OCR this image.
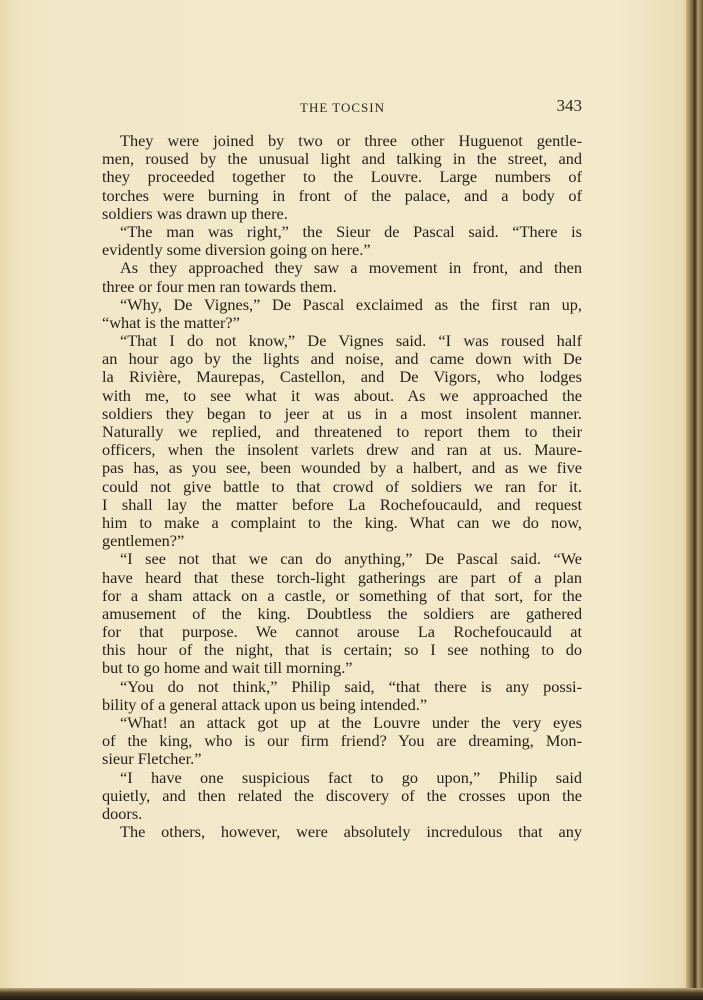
THE TOCSIN	343
They were joined by two or three other Huguenot gentle-
men, roused by the unusual light and talking in the street, and
they proceeded together to the Louvre. Large numbers of
torches were burning in front of the palace, and a body of
soldiers was drawn up there.
“The man was right,” the Sieur de Pascal said. “There is
evidently some diversion going on here.”
As they approached they saw a movement in front, and then
three or four men ran towards them.
“Why, De Vignes,” De Pascal exclaimed as the first ran up,
“what is the matter?”
“That I do not know,” De Vignes said. “I was roused half
an hour ago by the lights and noise, and came down with De
la Rivière, Maurepas, Castellon, and De Vigors, who lodges
with me, to see what it was about. As we approached the
soldiers they began to jeer at us in a most insolent manner.
Naturally we replied, and threatened to report them to their
officers, when the insolent varlets drew and ran at us. Maure-
pas has, as you see, been wounded by a halbert, and as we five
could not give battle to that crowd of soldiers we ran for it.
I shall lay the matter before La Rochefoucauld, and request
him to make a complaint to the king. What can we do now,
gentlemen?”
“I see not that we can do anything,” De Pascal said. “We
have heard that these torch-light gatherings are part of a plan
for a sham attack on a castle, or something of that sort, for the
amusement of the king. Doubtless the soldiers are gathered
for that purpose. We cannot arouse La Rochefoucauld at
this hour of the night, that is certain; so I see nothing to do
but to go home and wait till morning.”
“You do not think,” Philip said, “that there is any possi-
bility of a general attack upon us being intended.”
“What! an attack got up at the Louvre under the very eyes
of the king, who is our firm friend? You are dreaming, Mon-
sieur Fletcher.”
“I have one suspicious fact to go upon,” Philip said
quietly, and then related the discovery of the crosses upon the
doors.
The others, however, were absolutely incredulous that any
